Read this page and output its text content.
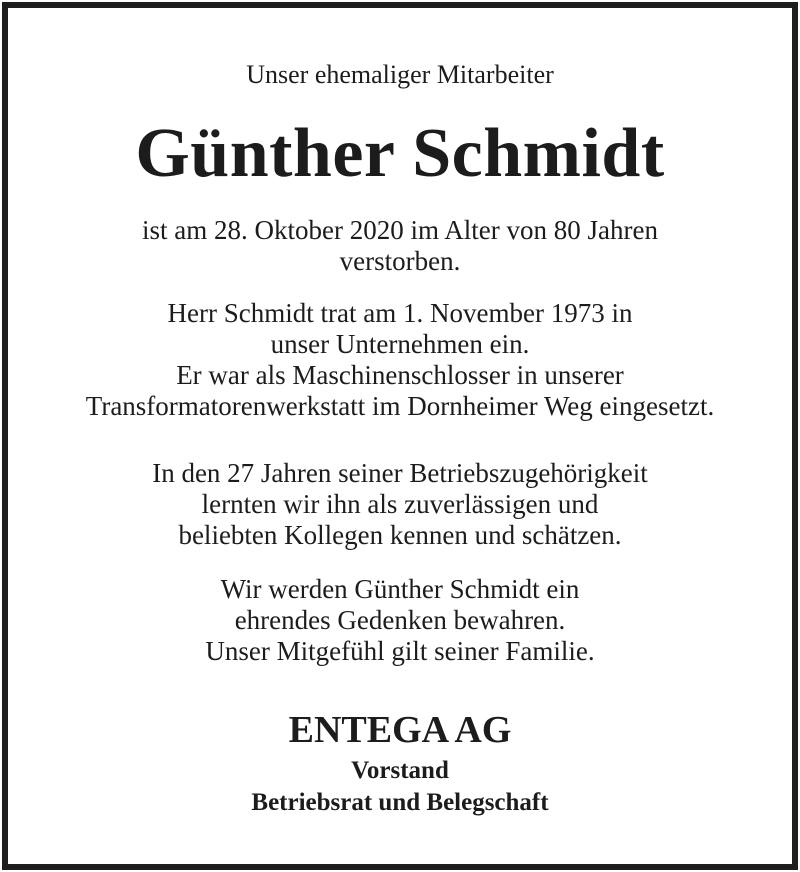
Unser ehemaliger Mitarbeiter
Günther Schmidt
ist am 28. Oktober 2020 im Alter von 80 Jahren
verstorben.
Herr Schmidt trat am 1. November 1973 in
unser Unternehmen ein.
Er war als Maschinenschlosser in unserer
Transformatorenwerkstatt im Dornheimer Weg eingesetzt.
In den 27 Jahren seiner Betriebszugehörigkeit
lernten wir ihn als zuverlässigen und
beliebten Kollegen kennen und schätzen.
Wir werden Günther Schmidt ein
ehrendes Gedenken bewahren.
Unser Mitgefühl gilt seiner Familie.
ENTEGA AG
Vorstand
Betriebsrat und Belegschaft
